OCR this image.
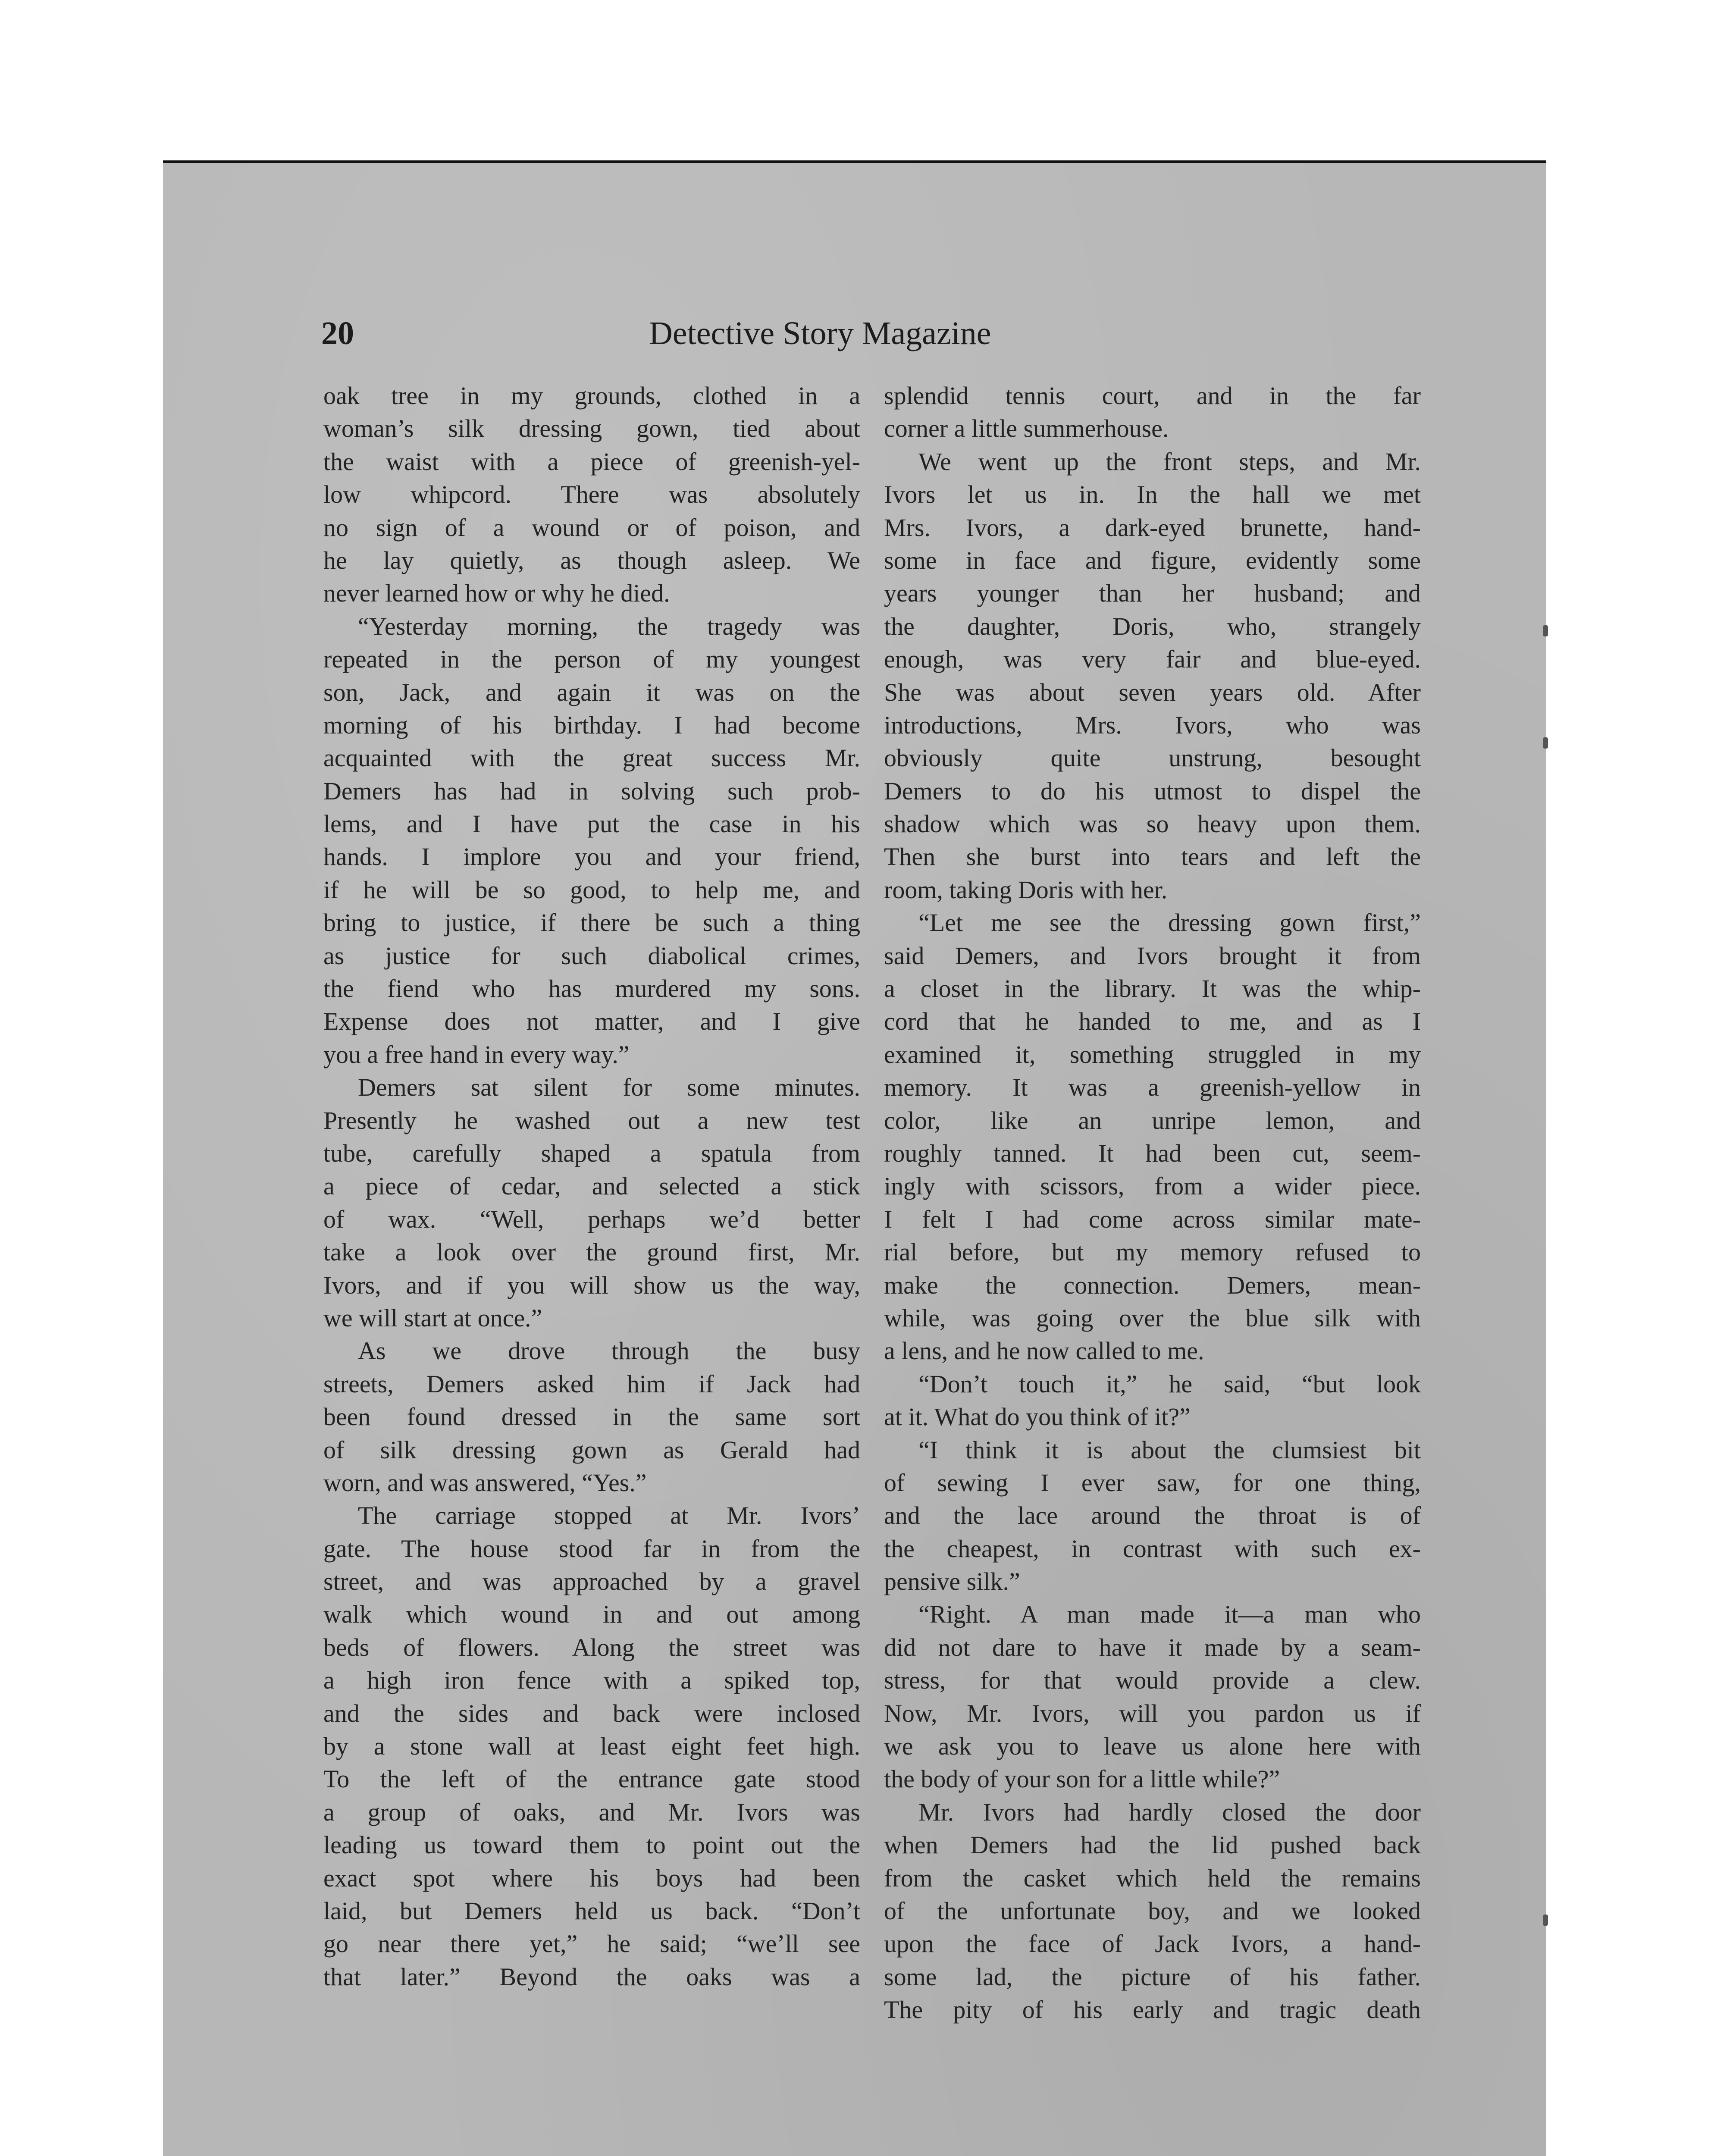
20	Detective Story Magazine
oak tree in my grounds, clothed in a
woman’s silk dressing gown, tied about
the waist with a piece of greenish-yel-
low whipcord. There was absolutely
no sign of a wound or of poison, and
he lay quietly, as though asleep. We
never learned how or why he died.
“Yesterday morning, the tragedy was
repeated in the person of my youngest
son, Jack, and again it was on the
morning of his birthday. I had become
acquainted with the great success Mr.
Demers has had in solving such prob-
lems, and I have put the case in his
hands. I implore you and your friend,
if he will be so good, to help me, and
bring to justice, if there be such a thing
as justice for such diabolical crimes,
the fiend who has murdered my sons.
Expense does not matter, and I give
you a free hand in every way.”
Demers sat silent for some minutes.
Presently he washed out a new test
tube, carefully shaped a spatula from
a piece of cedar, and selected a stick
of wax. “Well, perhaps we’d better
take a look over the ground first, Mr.
Ivors, and if you will show us the way,
we will start at once.”
As we drove through the busy
streets, Demers asked him if Jack had
been found dressed in the same sort
of silk dressing gown as Gerald had
worn, and was answered, “Yes.”
The carriage stopped at Mr. Ivors’
gate. The house stood far in from the
street, and was approached by a gravel
walk which wound in and out among
beds of flowers. Along the street was
a high iron fence with a spiked top,
and the sides and back were inclosed
by a stone wall at least eight feet high.
To the left of the entrance gate stood
a group of oaks, and Mr. Ivors was
leading us toward them to point out the
exact spot where his boys had been
laid, but Demers held us back. “Don’t
go near there yet,” he said; “we’ll see
that later.” Beyond the oaks was a
splendid tennis court, and in the far
corner a little summerhouse.
We went up the front steps, and Mr.
Ivors let us in. In the hall we met
Mrs. Ivors, a dark-eyed brunette, hand-
some in face and figure, evidently some
years younger than her husband; and
the daughter, Doris, who, strangely
enough, was very fair and blue-eyed.
She was about seven years old. After
introductions, Mrs. Ivors, who was
obviously quite unstrung, besought
Demers to do his utmost to dispel the
shadow which was so heavy upon them.
Then she burst into tears and left the
room, taking Doris with her.
“Let me see the dressing gown first,”
said Demers, and Ivors brought it from
a closet in the library. It was the whip-
cord that he handed to me, and as I
examined it, something struggled in my
memory. It was a greenish-yellow in
color, like an unripe lemon, and
roughly tanned. It had been cut, seem-
ingly with scissors, from a wider piece.
I felt I had come across similar mate-
rial before, but my memory refused to
make the connection. Demers, mean-
while, was going over the blue silk with
a lens, and he now called to me.
“Don’t touch it,” he said, “but look
at it. What do you think of it?”
“I think it is about the clumsiest bit
of sewing I ever saw, for one thing,
and the lace around the throat is of
the cheapest, in contrast with such ex-
pensive silk.”
“Right. A man made it—a man who
did not dare to have it made by a seam-
stress, for that would provide a clew.
Now, Mr. Ivors, will you pardon us if
we ask you to leave us alone here with
the body of your son for a little while?”
Mr. Ivors had hardly closed the door
when Demers had the lid pushed back
from the casket which held the remains
of the unfortunate boy, and we looked
upon the face of Jack Ivors, a hand-
some lad, the picture of his father.
The pity of his early and tragic death
